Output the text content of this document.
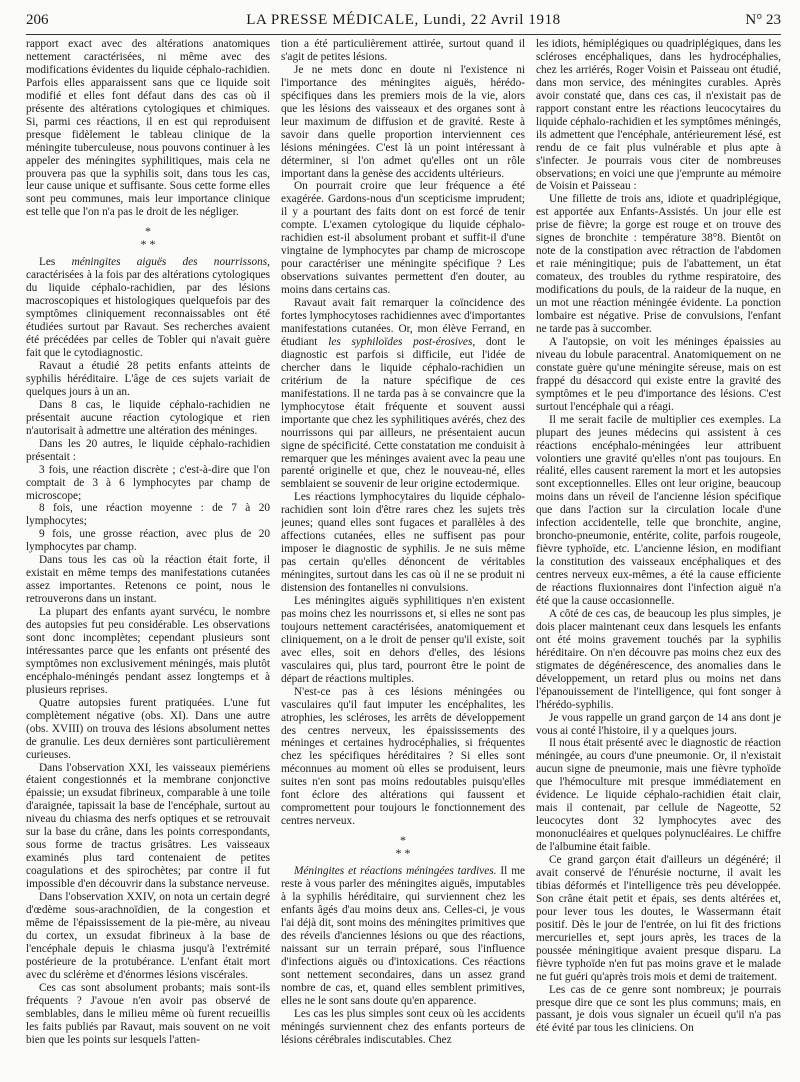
206	LA PRESSE MÉDICALE, Lundi, 22 Avril 1918	N° 23

rapport exact avec des altérations anatomiques nettement caractérisées, ni même avec des modifications évidentes du liquide céphalo-rachidien. Parfois elles apparaissent sans que ce liquide soit modifié et elles font défaut dans des cas où il présente des altérations cytologiques et chimiques. Si, parmi ces réactions, il en est qui reproduisent presque fidèlement le tableau clinique de la méningite tuberculeuse, nous pouvons continuer à les appeler des méningites syphilitiques, mais cela ne prouvera pas que la syphilis soit, dans tous les cas, leur cause unique et suffisante. Sous cette forme elles sont peu communes, mais leur importance clinique est telle que l'on n'a pas le droit de les négliger.

*
* *

Les méningites aiguës des nourrissons, caractérisées à la fois par des altérations cytologiques du liquide céphalo-rachidien, par des lésions macroscopiques et histologiques quelquefois par des symptômes cliniquement reconnaissables ont été étudiées surtout par Ravaut. Ses recherches avaient été précédées par celles de Tobler qui n'avait guère fait que le cytodiagnostic.

Ravaut a étudié 28 petits enfants atteints de syphilis héréditaire. L'âge de ces sujets variait de quelques jours à un an.

Dans 8 cas, le liquide céphalo-rachidien ne présentait aucune réaction cytologique et rien n'autorisait à admettre une altération des méninges.

Dans les 20 autres, le liquide céphalo-rachidien présentait :

3 fois, une réaction discrète ; c'est-à-dire que l'on comptait de 3 à 6 lymphocytes par champ de microscope;

8 fois, une réaction moyenne : de 7 à 20 lymphocytes;

9 fois, une grosse réaction, avec plus de 20 lymphocytes par champ.

Dans tous les cas où la réaction était forte, il existait en même temps des manifestations cutanées assez importantes. Retenons ce point, nous le retrouverons dans un instant.

La plupart des enfants ayant survécu, le nombre des autopsies fut peu considérable. Les observations sont donc incomplètes; cependant plusieurs sont intéressantes parce que les enfants ont présenté des symptômes non exclusivement méningés, mais plutôt encéphalo-méningés pendant assez longtemps et à plusieurs reprises.

Quatre autopsies furent pratiquées. L'une fut complètement négative (obs. XI). Dans une autre (obs. XVIII) on trouva des lésions absolument nettes de granulie. Les deux dernières sont particulièrement curieuses.

Dans l'observation XXI, les vaisseaux piemériens étaient congestionnés et la membrane conjonctive épaissie; un exsudat fibrineux, comparable à une toile d'araignée, tapissait la base de l'encéphale, surtout au niveau du chiasma des nerfs optiques et se retrouvait sur la base du crâne, dans les points correspondants, sous forme de tractus grisâtres. Les vaisseaux examinés plus tard contenaient de petites coagulations et des spirochètes; par contre il fut impossible d'en découvrir dans la substance nerveuse.

Dans l'observation XXIV, on nota un certain degré d'œdème sous-arachnoïdien, de la congestion et même de l'épaississement de la pie-mère, au niveau du cortex, un exsudat fibrineux à la base de l'encéphale depuis le chiasma jusqu'à l'extrémité postérieure de la protubérance. L'enfant était mort avec du sclérème et d'énormes lésions viscérales.

Ces cas sont absolument probants; mais sont-ils fréquents ? J'avoue n'en avoir pas observé de semblables, dans le milieu même où furent recueillis les faits publiés par Ravaut, mais souvent on ne voit bien que les points sur lesquels l'atten-

tion a été particulièrement attirée, surtout quand il s'agit de petites lésions.

Je ne mets donc en doute ni l'existence ni l'importance des méningites aiguës, hérédo-spécifiques dans les premiers mois de la vie, alors que les lésions des vaisseaux et des organes sont à leur maximum de diffusion et de gravité. Reste à savoir dans quelle proportion interviennent ces lésions méningées. C'est là un point intéressant à déterminer, si l'on admet qu'elles ont un rôle important dans la genèse des accidents ultérieurs.

On pourrait croire que leur fréquence a été exagérée. Gardons-nous d'un scepticisme imprudent; il y a pourtant des faits dont on est forcé de tenir compte. L'examen cytologique du liquide céphalo-rachidien est-il absolument probant et suffit-il d'une vingtaine de lymphocytes par champ de microscope pour caractériser une méningite spécifique ? Les observations suivantes permettent d'en douter, au moins dans certains cas.

Ravaut avait fait remarquer la coïncidence des fortes lymphocytoses rachidiennes avec d'importantes manifestations cutanées. Or, mon élève Ferrand, en étudiant les syphiloïdes post-érosives, dont le diagnostic est parfois si difficile, eut l'idée de chercher dans le liquide céphalo-rachidien un critérium de la nature spécifique de ces manifestations. Il ne tarda pas à se convaincre que la lymphocytose était fréquente et souvent aussi importante que chez les syphilitiques avérés, chez des nourrissons qui par ailleurs, ne présentaient aucun signe de spécificité. Cette constatation me conduisit à remarquer que les méninges avaient avec la peau une parenté originelle et que, chez le nouveau-né, elles semblaient se souvenir de leur origine ectodermique.

Les réactions lymphocytaires du liquide céphalo-rachidien sont loin d'être rares chez les sujets très jeunes; quand elles sont fugaces et parallèles à des affections cutanées, elles ne suffisent pas pour imposer le diagnostic de syphilis. Je ne suis même pas certain qu'elles dénoncent de véritables méningites, surtout dans les cas où il ne se produit ni distension des fontanelles ni convulsions.

Les méningites aiguës syphilitiques n'en existent pas moins chez les nourrissons et, si elles ne sont pas toujours nettement caractérisées, anatomiquement et cliniquement, on a le droit de penser qu'il existe, soit avec elles, soit en dehors d'elles, des lésions vasculaires qui, plus tard, pourront être le point de départ de réactions multiples.

N'est-ce pas à ces lésions méningées ou vasculaires qu'il faut imputer les encéphalites, les atrophies, les scléroses, les arrêts de développement des centres nerveux, les épaississements des méninges et certaines hydrocéphalies, si fréquentes chez les spécifiques héréditaires ? Si elles sont méconnues au moment où elles se produisent, leurs suites n'en sont pas moins redoutables puisqu'elles font éclore des altérations qui faussent et compromettent pour toujours le fonctionnement des centres nerveux.

*
* *

Méningites et réactions méningées tardives. Il me reste à vous parler des méningites aiguës, imputables à la syphilis héréditaire, qui surviennent chez les enfants âgés d'au moins deux ans. Celles-ci, je vous l'ai déjà dit, sont moins des méningites primitives que des réveils d'anciennes lésions ou que des réactions, naissant sur un terrain préparé, sous l'influence d'infections aiguës ou d'intoxications. Ces réactions sont nettement secondaires, dans un assez grand nombre de cas, et, quand elles semblent primitives, elles ne le sont sans doute qu'en apparence.

Les cas les plus simples sont ceux où les accidents méningés surviennent chez des enfants porteurs de lésions cérébrales indiscutables. Chez

les idiots, hémiplégiques ou quadriplégiques, dans les scléroses encéphaliques, dans les hydrocéphalies, chez les arriérés, Roger Voisin et Paisseau ont étudié, dans mon service, des méningites curables. Après avoir constaté que, dans ces cas, il n'existait pas de rapport constant entre les réactions leucocytaires du liquide céphalo-rachidien et les symptômes méningés, ils admettent que l'encéphale, antérieurement lésé, est rendu de ce fait plus vulnérable et plus apte à s'infecter. Je pourrais vous citer de nombreuses observations; en voici une que j'emprunte au mémoire de Voisin et Paisseau :

Une fillette de trois ans, idiote et quadriplégique, est apportée aux Enfants-Assistés. Un jour elle est prise de fièvre; la gorge est rouge et on trouve des signes de bronchite : température 38°8. Bientôt on note de la constipation avec rétraction de l'abdomen et raie méningitique; puis de l'abattement, un état comateux, des troubles du rythme respiratoire, des modifications du pouls, de la raideur de la nuque, en un mot une réaction méningée évidente. La ponction lombaire est négative. Prise de convulsions, l'enfant ne tarde pas à succomber.

A l'autopsie, on voit les méninges épaissies au niveau du lobule paracentral. Anatomiquement on ne constate guère qu'une méningite séreuse, mais on est frappé du désaccord qui existe entre la gravité des symptômes et le peu d'importance des lésions. C'est surtout l'encéphale qui a réagi.

Il me serait facile de multiplier ces exemples. La plupart des jeunes médecins qui assistent à ces réactions encéphalo-méningées leur attribuent volontiers une gravité qu'elles n'ont pas toujours. En réalité, elles causent rarement la mort et les autopsies sont exceptionnelles. Elles ont leur origine, beaucoup moins dans un réveil de l'ancienne lésion spécifique que dans l'action sur la circulation locale d'une infection accidentelle, telle que bronchite, angine, broncho-pneumonie, entérite, colite, parfois rougeole, fièvre typhoïde, etc. L'ancienne lésion, en modifiant la constitution des vaisseaux encéphaliques et des centres nerveux eux-mêmes, a été la cause efficiente de réactions fluxionnaires dont l'infection aiguë n'a été que la cause occasionnelle.

A côté de ces cas, de beaucoup les plus simples, je dois placer maintenant ceux dans lesquels les enfants ont été moins gravement touchés par la syphilis héréditaire. On n'en découvre pas moins chez eux des stigmates de dégénérescence, des anomalies dans le développement, un retard plus ou moins net dans l'épanouissement de l'intelligence, qui font songer à l'hérédo-syphilis.

Je vous rappelle un grand garçon de 14 ans dont je vous ai conté l'histoire, il y a quelques jours.

Il nous était présenté avec le diagnostic de réaction méningée, au cours d'une pneumonie. Or, il n'existait aucun signe de pneumonie, mais une fièvre typhoïde que l'hémoculture mit presque immédiatement en évidence. Le liquide céphalo-rachidien était clair, mais il contenait, par cellule de Nageotte, 52 leucocytes dont 32 lymphocytes avec des mononucléaires et quelques polynucléaires. Le chiffre de l'albumine était faible.

Ce grand garçon était d'ailleurs un dégénéré; il avait conservé de l'énurésie nocturne, il avait les tibias déformés et l'intelligence très peu développée. Son crâne était petit et épais, ses dents altérées et, pour lever tous les doutes, le Wassermann était positif. Dès le jour de l'entrée, on lui fit des frictions mercurielles et, sept jours après, les traces de la poussée méningitique avaient presque disparu. La fièvre typhoïde n'en fut pas moins grave et le malade ne fut guéri qu'après trois mois et demi de traitement.

Les cas de ce genre sont nombreux; je pourrais presque dire que ce sont les plus communs; mais, en passant, je dois vous signaler un écueil qu'il n'a pas été évité par tous les cliniciens. On
